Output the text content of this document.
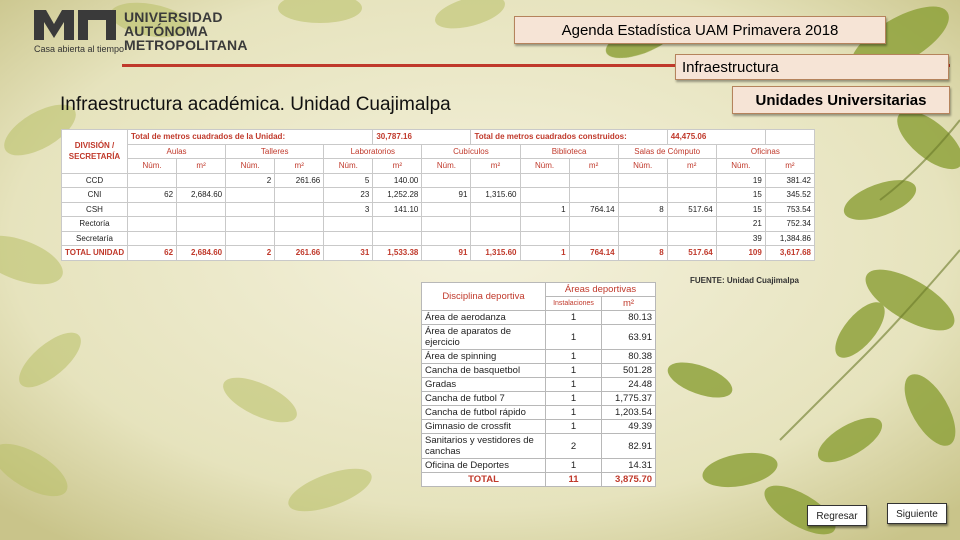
UNIVERSIDAD
AUTÓNOMA
METROPOLITANA
Casa abierta al tiempo
Agenda Estadística UAM Primavera 2018
Infraestructura
Unidades Universitarias
Infraestructura académica. Unidad Cuajimalpa
DIVISIÓN / SECRETARÍA	Total de metros cuadrados de la Unidad:					30,787.16		Total de metros cuadrados construidos:				44,475.06		
	Aulas		Talleres		Laboratorios		Cubículos		Biblioteca		Salas de Cómputo		Oficinas	
	Núm.	m²	Núm.	m²	Núm.	m²	Núm.	m²	Núm.	m²	Núm.	m²	Núm.	m²
CCD			2	261.66	5	140.00							19	381.42
CNI	62	2,684.60			23	1,252.28	91	1,315.60					15	345.52
CSH					3	141.10			1	764.14	8	517.64	15	753.54
Rectoría													21	752.34
Secretaría													39	1,384.86
TOTAL UNIDAD	62	2,684.60	2	261.66	31	1,533.38	91	1,315.60	1	764.14	8	517.64	109	3,617.68
FUENTE: Unidad Cuajimalpa
Disciplina deportiva	Áreas deportivas	
	Instalaciones	m²
Área de aerodanza	1	80.13
Área de aparatos de ejercicio	1	63.91
Área de spinning	1	80.38
Cancha de basquetbol	1	501.28
Gradas	1	24.48
Cancha de futbol 7	1	1,775.37
Cancha de futbol rápido	1	1,203.54
Gimnasio de crossfit	1	49.39
Sanitarios y vestidores de canchas	2	82.91
Oficina de Deportes	1	14.31
TOTAL	11	3,875.70
Regresar	Siguiente
